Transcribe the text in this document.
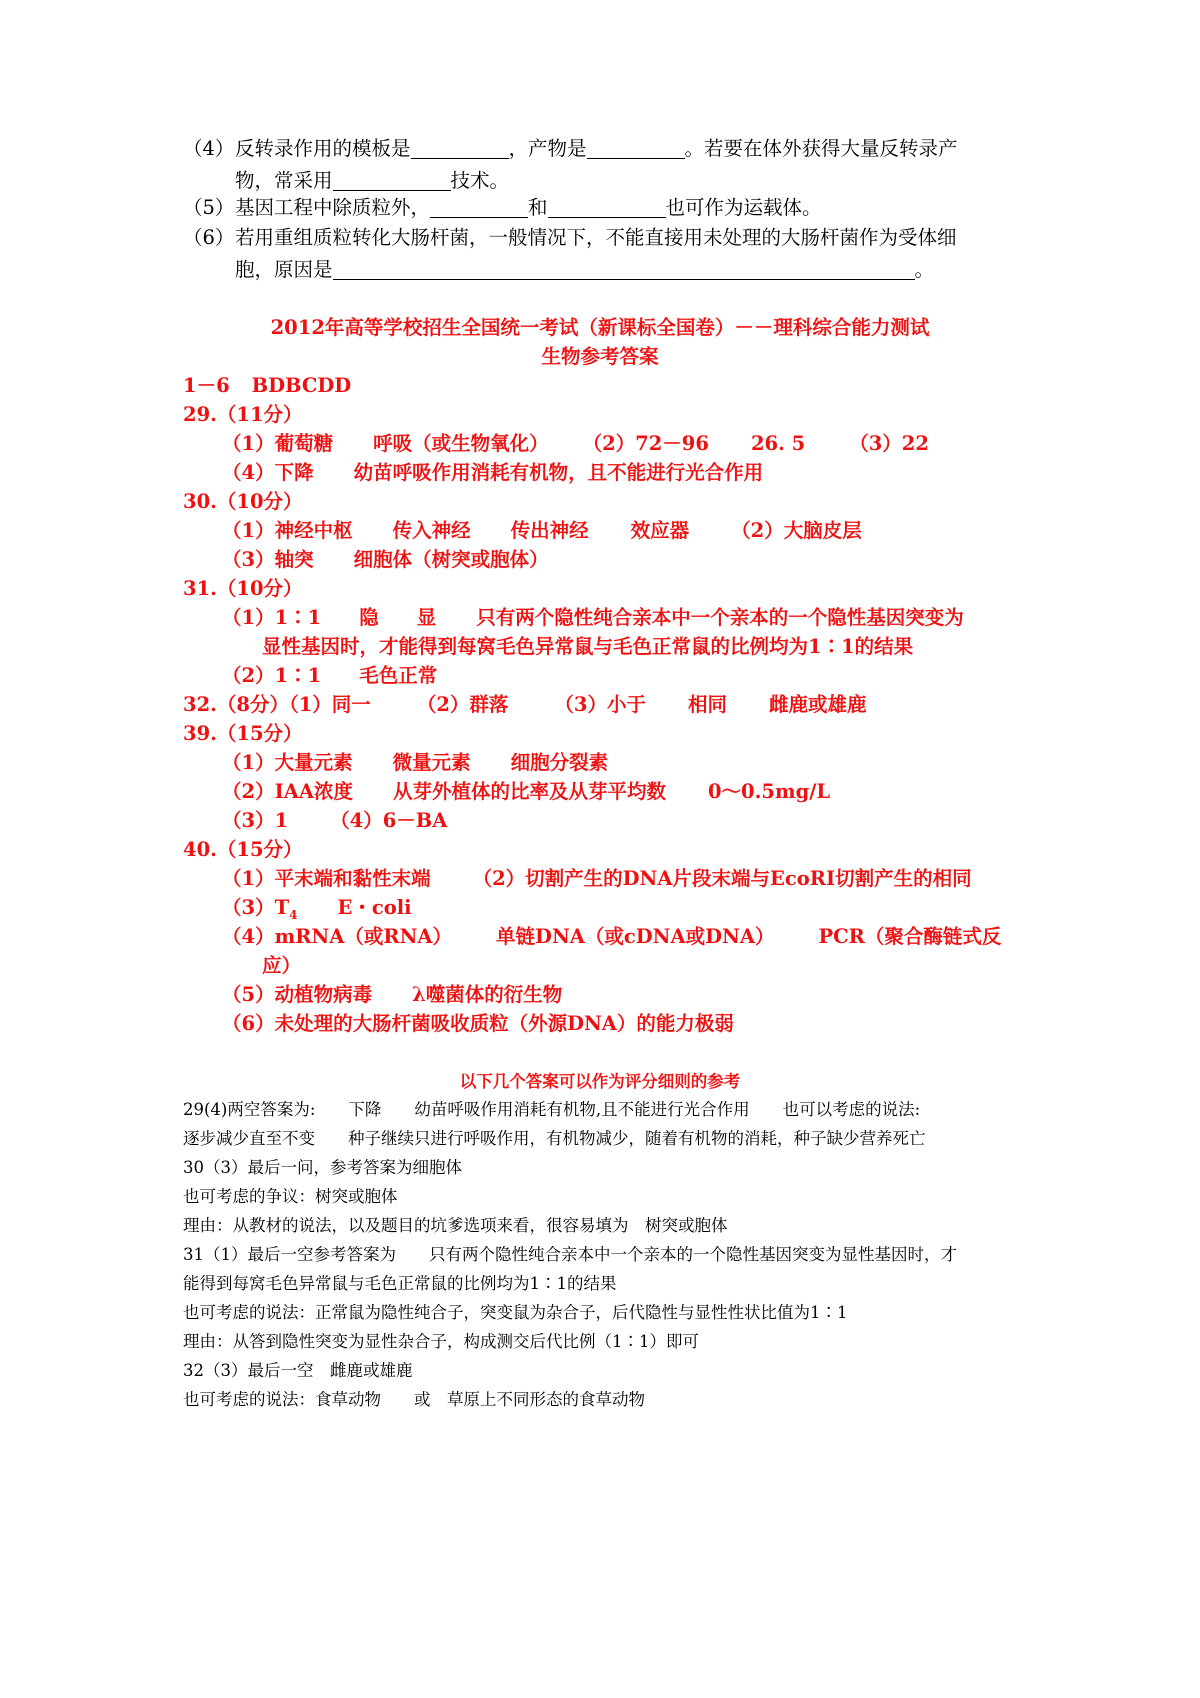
（4）反转录作用的模板是	，产物是	。若要在体外获得大量反转录产
物，常采用	技术。
（5）基因工程中除质粒外，	和	也可作为运载体。
（6）若用重组质粒转化大肠杆菌，一般情况下，不能直接用未处理的大肠杆菌作为受体细
胞，原因是	。
2012年高等学校招生全国统一考试（新课标全国卷）－－理科综合能力测试
生物参考答案
1－6 BDBCDD
29.（11分）
（1）葡萄糖 呼吸（或生物氧化） （2）72－96 26. 5 （3）22
（4）下降 幼苗呼吸作用消耗有机物，且不能进行光合作用
30.（10分）
（1）神经中枢 传入神经 传出神经 效应器 （2）大脑皮层
（3）轴突 细胞体（树突或胞体）
31.（10分）
（1）1∶1 隐 显 只有两个隐性纯合亲本中一个亲本的一个隐性基因突变为
显性基因时，才能得到每窝毛色异常鼠与毛色正常鼠的比例均为1∶1的结果
（2）1∶1 毛色正常
32.（8分）（1）同一 （2）群落 （3）小于 相同 雌鹿或雄鹿
39.（15分）
（1）大量元素 微量元素 细胞分裂素
（2）IAA浓度 从芽外植体的比率及从芽平均数 0～0.5mg/L
（3）1 （4）6－BA
40.（15分）
（1）平末端和黏性末端 （2）切割产生的DNA片段末端与EcoRⅠ切割产生的相同
$(3)T_4$ E・coli
（4）mRNA（或RNA） 单链DNA（或cDNA或DNA） PCR（聚合酶链式反
应）
（5）动植物病毒 λ噬菌体的衍生物
（6）未处理的大肠杆菌吸收质粒（外源DNA）的能力极弱
以下几个答案可以作为评分细则的参考
29(4)两空答案为:　　下降　　幼苗呼吸作用消耗有机物,且不能进行光合作用　　也可以考虑的说法:
逐步减少直至不变　　种子继续只进行呼吸作用，有机物减少，随着有机物的消耗，种子缺少营养死亡
30（3）最后一问，参考答案为细胞体
也可考虑的争议：树突或胞体
理由：从教材的说法，以及题目的坑爹选项来看，很容易填为　树突或胞体
31（1）最后一空参考答案为　　只有两个隐性纯合亲本中一个亲本的一个隐性基因突变为显性基因时，才
能得到每窝毛色异常鼠与毛色正常鼠的比例均为1∶1的结果
也可考虑的说法：正常鼠为隐性纯合子，突变鼠为杂合子，后代隐性与显性性状比值为1∶1
理由：从答到隐性突变为显性杂合子，构成测交后代比例（1∶1）即可
32（3）最后一空　雌鹿或雄鹿
也可考虑的说法：食草动物　　或　草原上不同形态的食草动物
